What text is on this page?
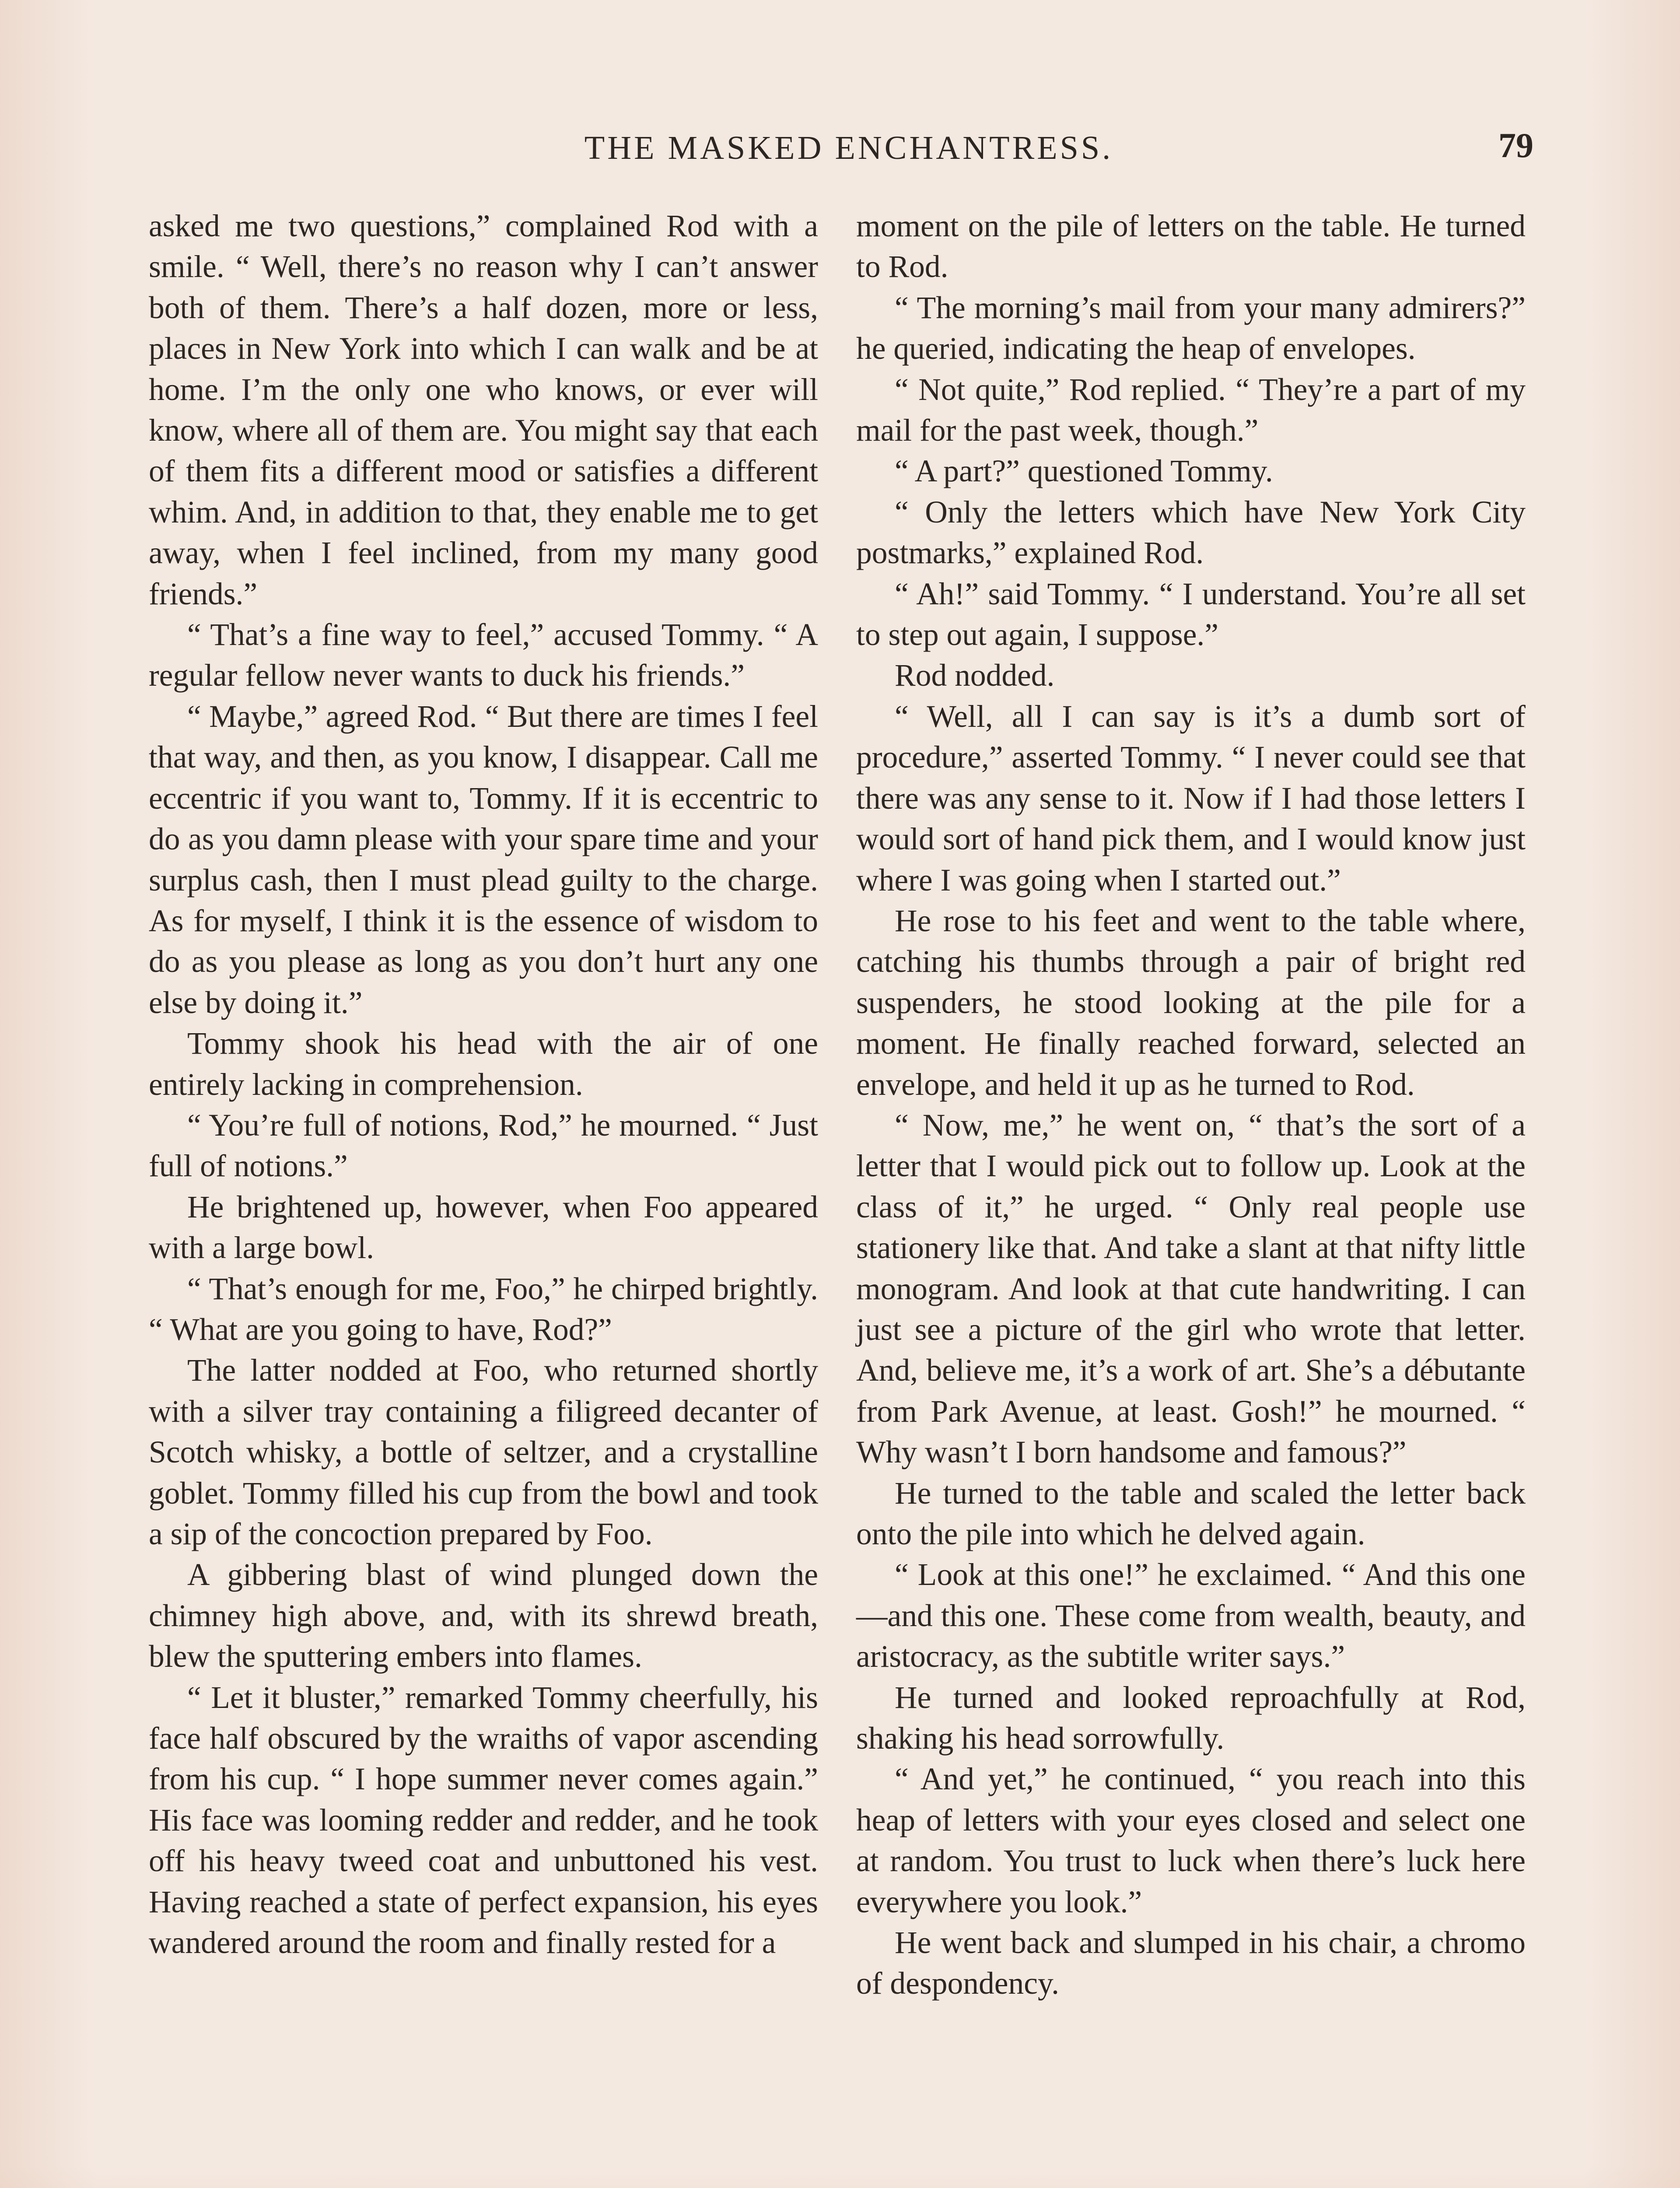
THE MASKED ENCHANTRESS.	79

asked me two questions,” complained Rod with a smile. “ Well, there’s no reason why I can’t answer both of them. There’s a half dozen, more or less, places in New York into which I can walk and be at home. I’m the only one who knows, or ever will know, where all of them are. You might say that each of them fits a different mood or satisfies a different whim. And, in addition to that, they enable me to get away, when I feel inclined, from my many good friends.”

“ That’s a fine way to feel,” accused Tommy. “ A regular fellow never wants to duck his friends.”

“ Maybe,” agreed Rod. “ But there are times I feel that way, and then, as you know, I disappear. Call me eccentric if you want to, Tommy. If it is eccentric to do as you damn please with your spare time and your surplus cash, then I must plead guilty to the charge. As for myself, I think it is the essence of wisdom to do as you please as long as you don’t hurt any one else by doing it.”

Tommy shook his head with the air of one entirely lacking in comprehension.

“ You’re full of notions, Rod,” he mourned. “ Just full of notions.”

He brightened up, however, when Foo appeared with a large bowl.

“ That’s enough for me, Foo,” he chirped brightly. “ What are you going to have, Rod?”

The latter nodded at Foo, who returned shortly with a silver tray containing a filigreed decanter of Scotch whisky, a bottle of seltzer, and a crystalline goblet. Tommy filled his cup from the bowl and took a sip of the concoction prepared by Foo.

A gibbering blast of wind plunged down the chimney high above, and, with its shrewd breath, blew the sputtering embers into flames.

“ Let it bluster,” remarked Tommy cheerfully, his face half obscured by the wraiths of vapor ascending from his cup. “ I hope summer never comes again.” His face was looming redder and redder, and he took off his heavy tweed coat and unbuttoned his vest. Having reached a state of perfect expansion, his eyes wandered around the room and finally rested for a

moment on the pile of letters on the table. He turned to Rod.

“ The morning’s mail from your many admirers?” he queried, indicating the heap of envelopes.

“ Not quite,” Rod replied. “ They’re a part of my mail for the past week, though.”

“ A part?” questioned Tommy.

“ Only the letters which have New York City postmarks,” explained Rod.

“ Ah!” said Tommy. “ I understand. You’re all set to step out again, I suppose.”

Rod nodded.

“ Well, all I can say is it’s a dumb sort of procedure,” asserted Tommy. “ I never could see that there was any sense to it. Now if I had those letters I would sort of hand pick them, and I would know just where I was going when I started out.”

He rose to his feet and went to the table where, catching his thumbs through a pair of bright red suspenders, he stood looking at the pile for a moment. He finally reached forward, selected an envelope, and held it up as he turned to Rod.

“ Now, me,” he went on, “ that’s the sort of a letter that I would pick out to follow up. Look at the class of it,” he urged. “ Only real people use stationery like that. And take a slant at that nifty little monogram. And look at that cute handwriting. I can just see a picture of the girl who wrote that letter. And, believe me, it’s a work of art. She’s a débutante from Park Avenue, at least. Gosh!” he mourned. “ Why wasn’t I born handsome and famous?”

He turned to the table and scaled the letter back onto the pile into which he delved again.

“ Look at this one!” he exclaimed. “ And this one—and this one. These come from wealth, beauty, and aristocracy, as the subtitle writer says.”

He turned and looked reproachfully at Rod, shaking his head sorrowfully.

“ And yet,” he continued, “ you reach into this heap of letters with your eyes closed and select one at random. You trust to luck when there’s luck here everywhere you look.”

He went back and slumped in his chair, a chromo of despondency.
